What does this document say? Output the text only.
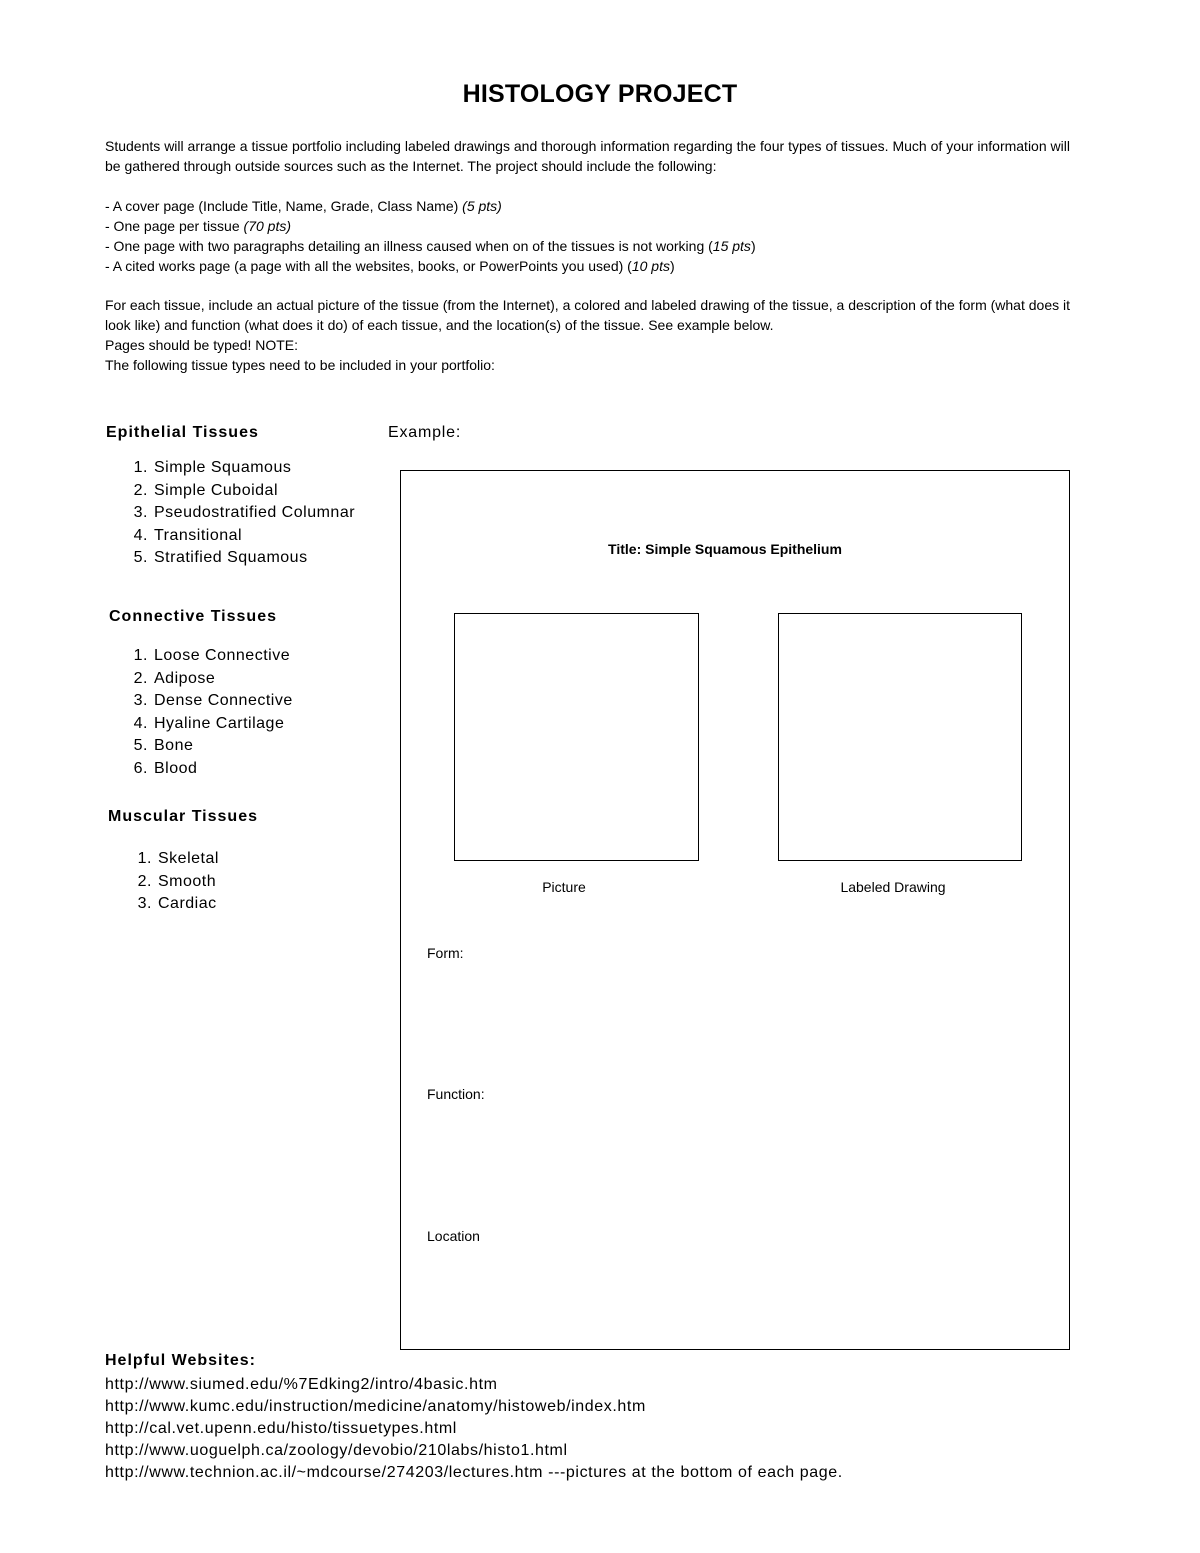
HISTOLOGY PROJECT

Students will arrange a tissue portfolio including labeled drawings and thorough information regarding the four types of tissues. Much of your information will be gathered through outside sources such as the Internet. The project should include the following:

- A cover page (Include Title, Name, Grade, Class Name) (5 pts)
- One page per tissue (70 pts)
- One page with two paragraphs detailing an illness caused when on of the tissues is not working (15 pts)
- A cited works page (a page with all the websites, books, or PowerPoints you used) (10 pts)

For each tissue, include an actual picture of the tissue (from the Internet), a colored and labeled drawing of the tissue, a description of the form (what does it look like) and function (what does it do) of each tissue, and the location(s) of the tissue. See example below.

Pages should be typed! NOTE:

The following tissue types need to be included in your portfolio:

Epithelial Tissues
1. Simple Squamous
2. Simple Cuboidal
3. Pseudostratified Columnar
4. Transitional
5. Stratified Squamous
Connective Tissues
1. Loose Connective
2. Adipose
3. Dense Connective
4. Hyaline Cartilage
5. Bone
6. Blood
Muscular Tissues
1. Skeletal
2. Smooth
3. Cardiac
Example:
Title: Simple Squamous Epithelium
Picture	Labeled Drawing
Form:
Function:
Location
Helpful Websites:
http://www.siumed.edu/%7Edking2/intro/4basic.htm
http://www.kumc.edu/instruction/medicine/anatomy/histoweb/index.htm
http://cal.vet.upenn.edu/histo/tissuetypes.html
http://www.uoguelph.ca/zoology/devobio/210labs/histo1.html
http://www.technion.ac.il/~mdcourse/274203/lectures.htm ---pictures at the bottom of each page.
